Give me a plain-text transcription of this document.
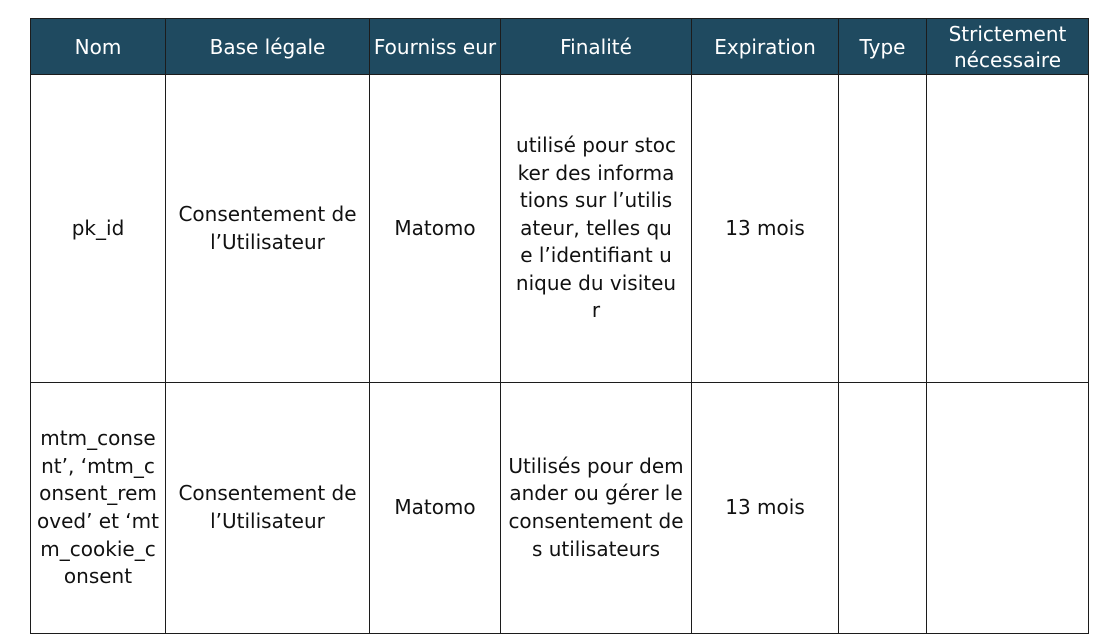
Nom	Base légale	Fourniss eur	Finalité	Expiration	Type	Strictement nécessaire
pk_id	Consentement de l’Utilisateur	Matomo	utilisé pour stocker des informations sur l’utilisateur, telles que l’identifiant unique du visiteur	13 mois		
mtm_consent’, ‘mtm_consent_removed’ et ‘mtm_cookie_consent	Consentement de l’Utilisateur	Matomo	Utilisés pour demander ou gérer le consentement des utilisateurs	13 mois		
